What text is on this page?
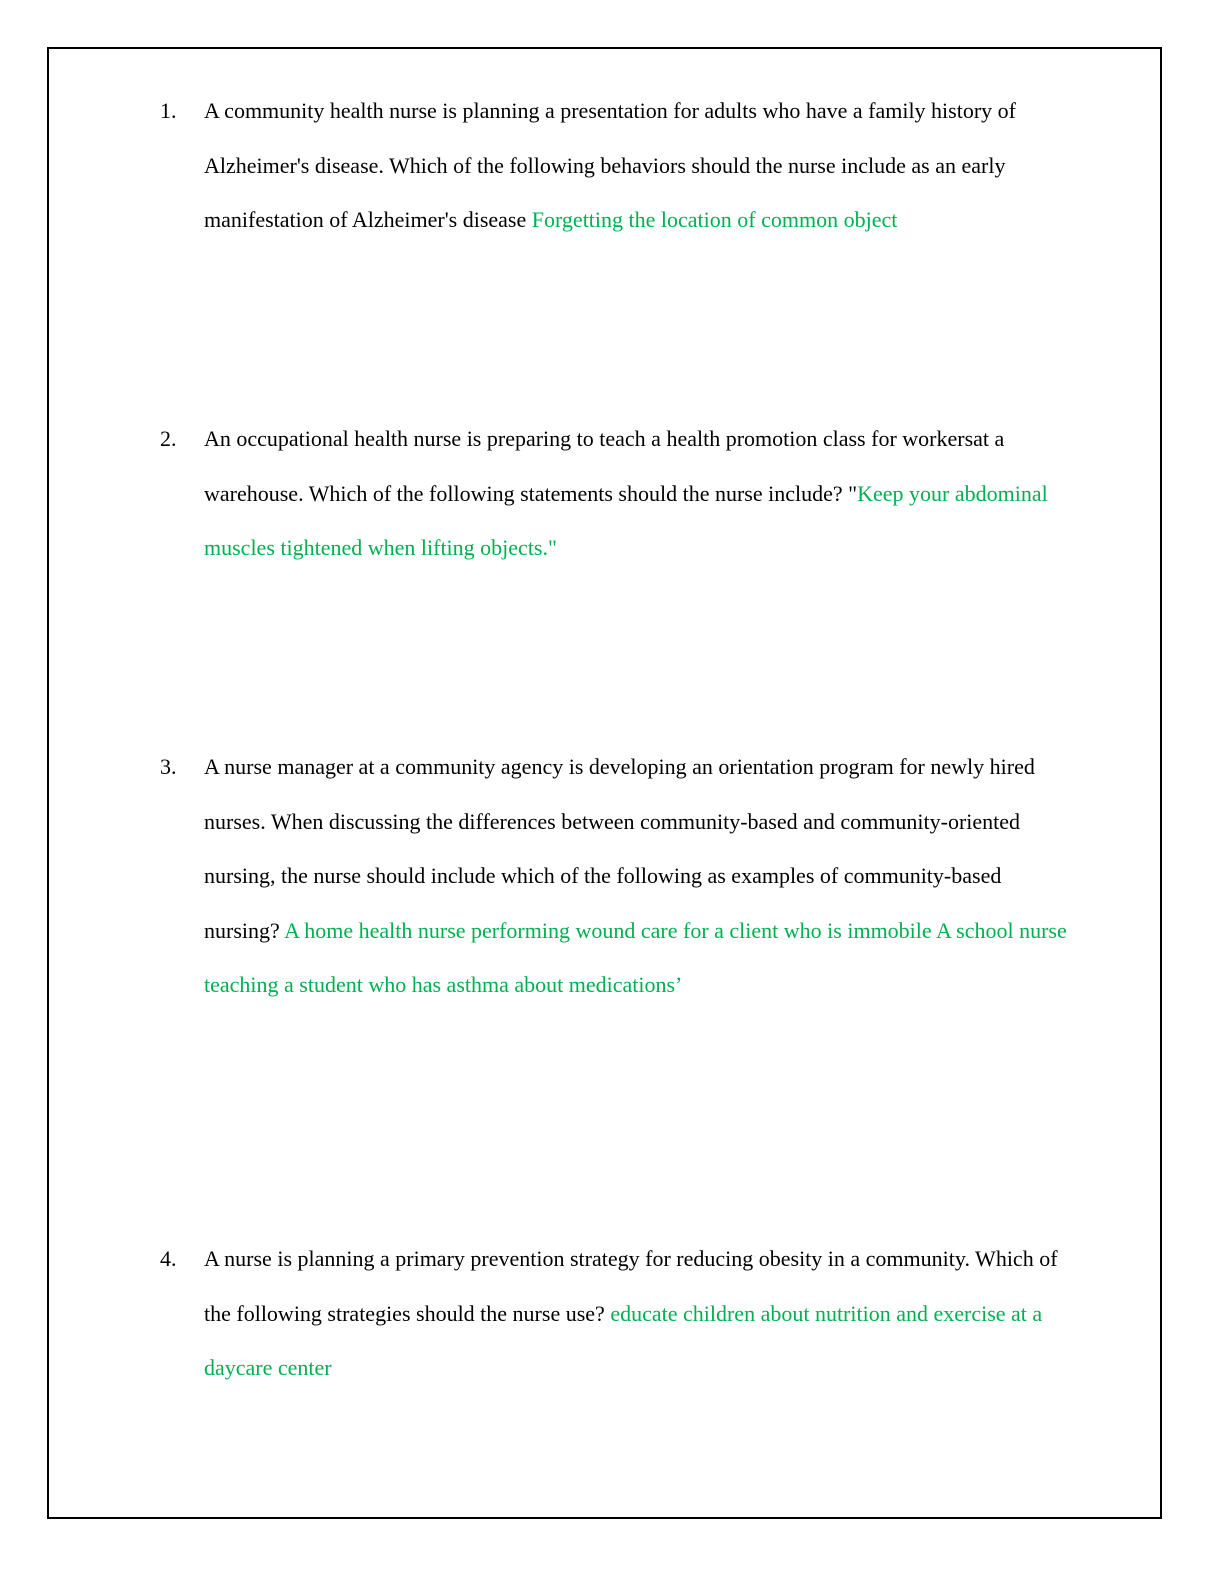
1.	A community health nurse is planning a presentation for adults who have a family history of Alzheimer's disease. Which of the following behaviors should the nurse include as an early manifestation of Alzheimer's disease Forgetting the location of common object
2.	An occupational health nurse is preparing to teach a health promotion class for workersat a warehouse. Which of the following statements should the nurse include? "Keep your abdominal muscles tightened when lifting objects."
3.	A nurse manager at a community agency is developing an orientation program for newly hired nurses. When discussing the differences between community-based and community-oriented nursing, the nurse should include which of the following as examples of community-based nursing? A home health nurse performing wound care for a client who is immobile A school nurse teaching a student who has asthma about medications’
4.	A nurse is planning a primary prevention strategy for reducing obesity in a community. Which of the following strategies should the nurse use? educate children about nutrition and exercise at a daycare center
